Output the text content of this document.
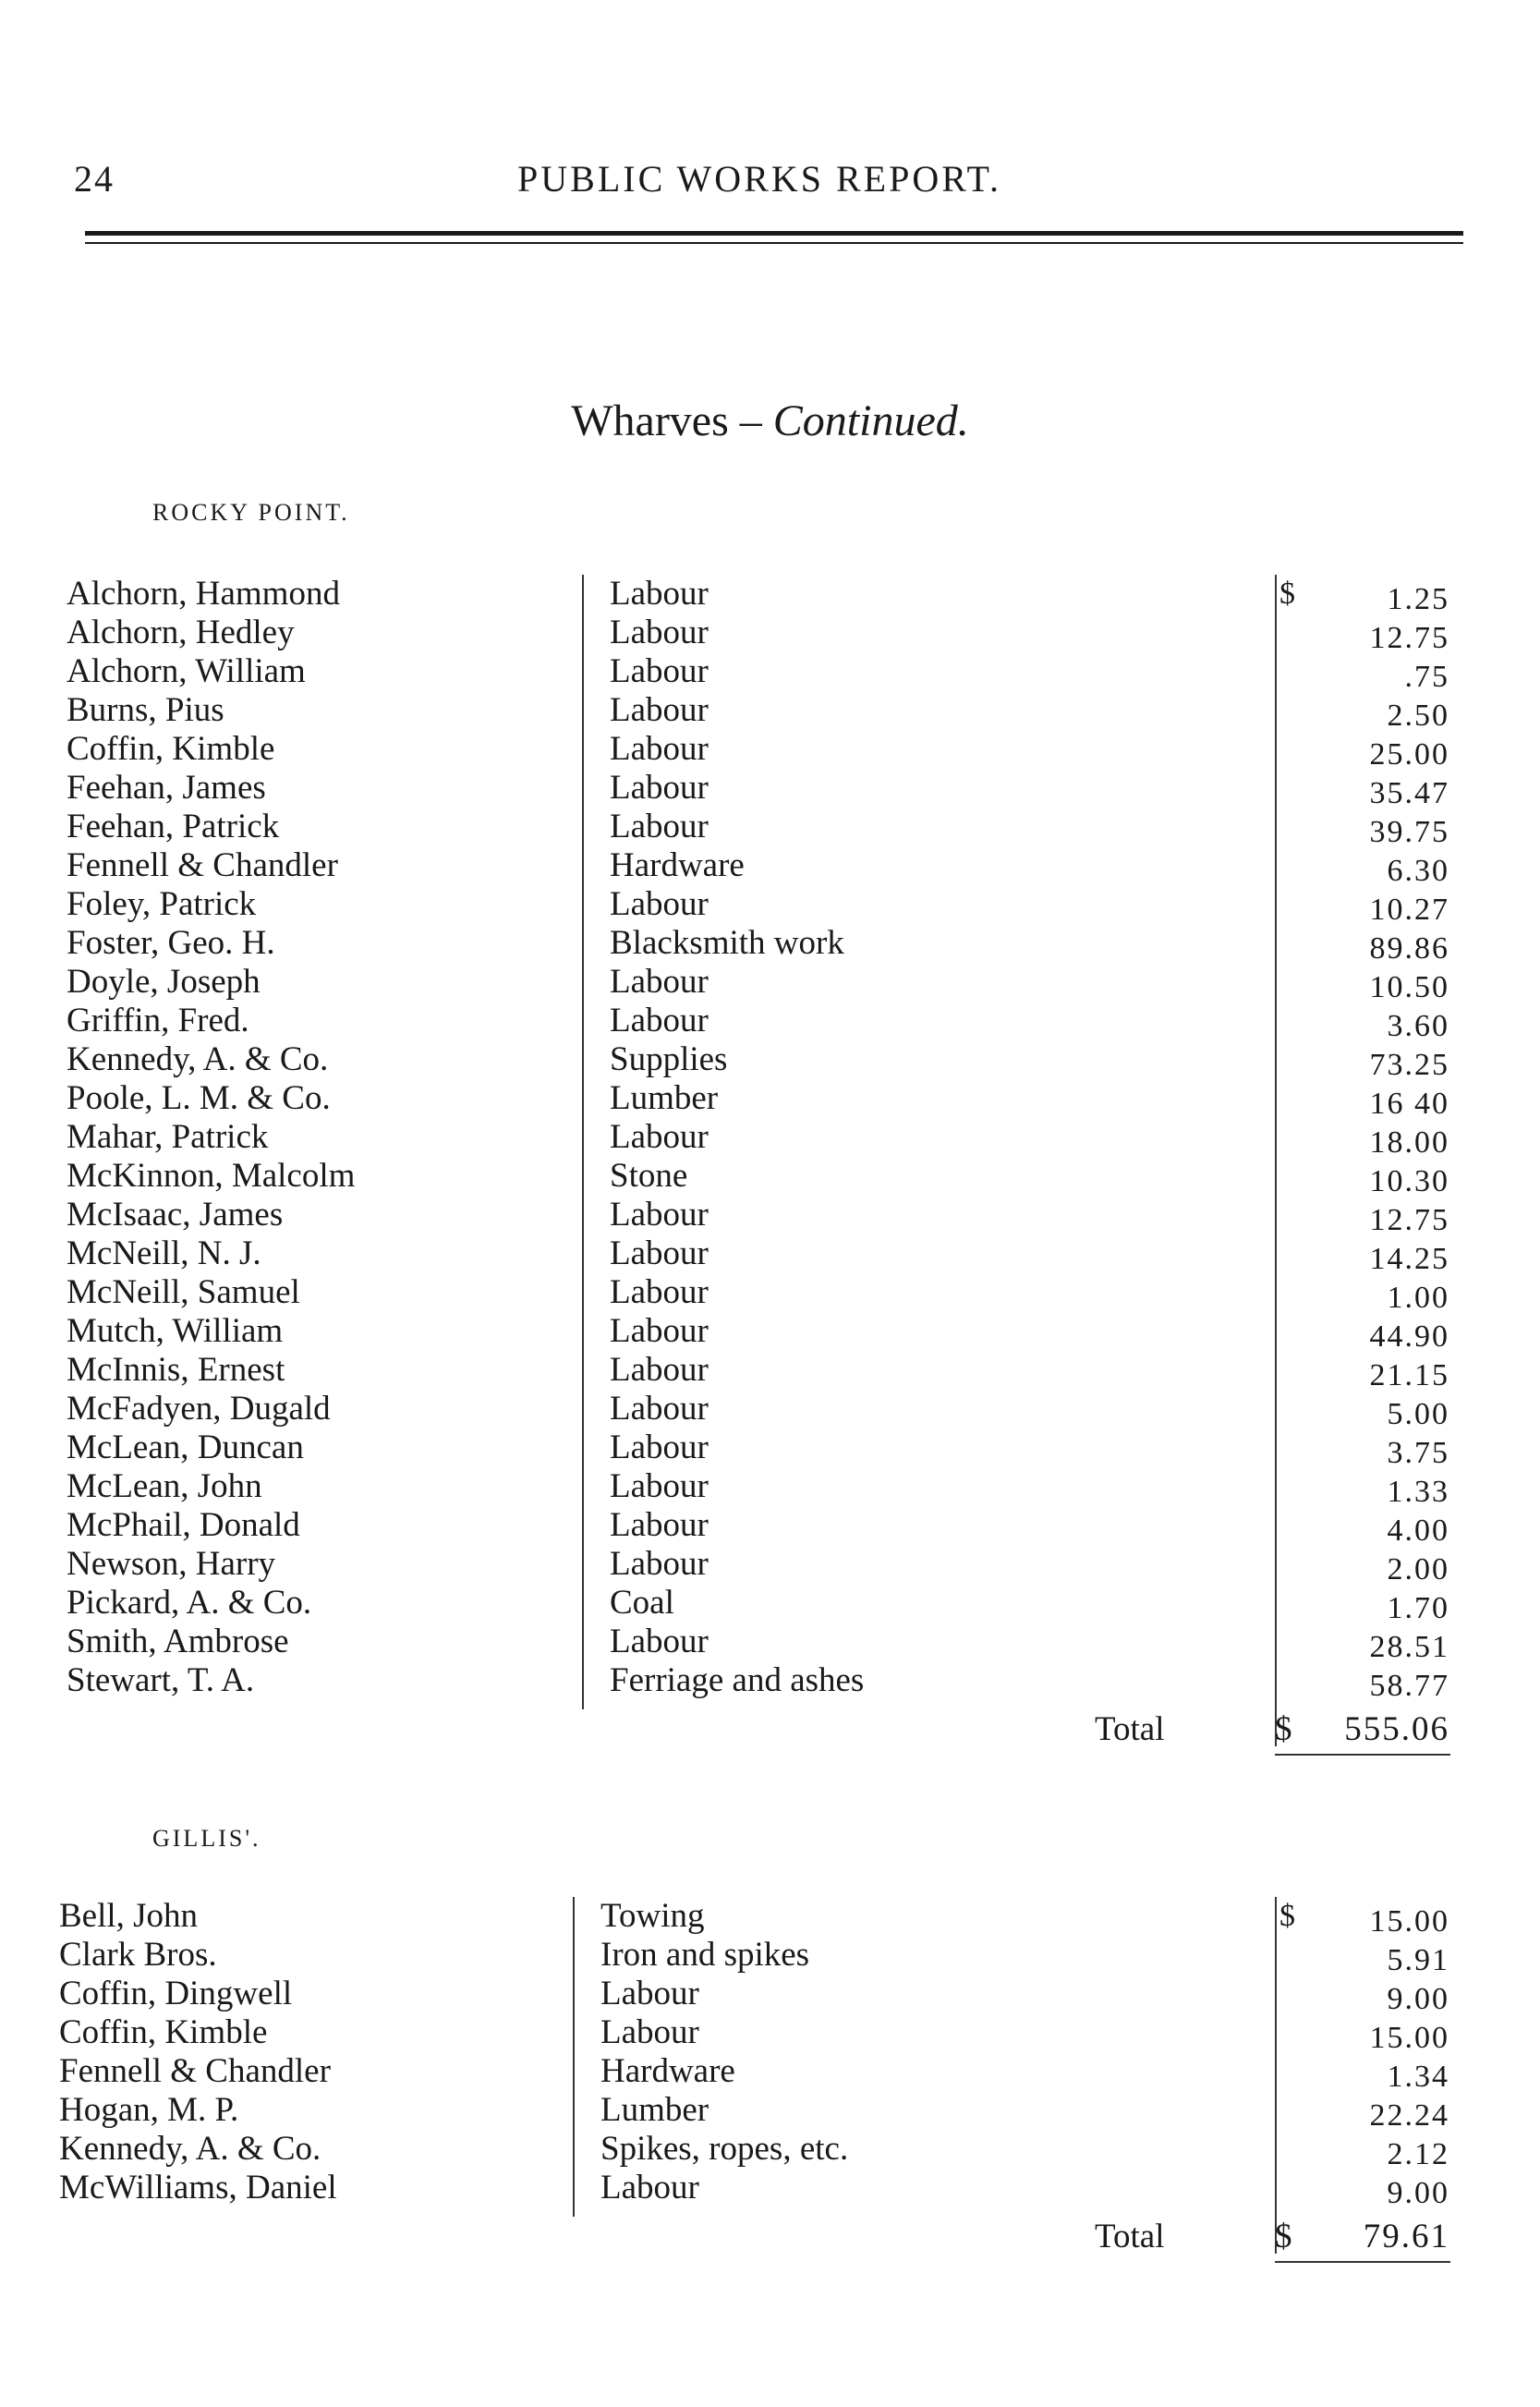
24	PUBLIC WORKS REPORT.
Wharves – Continued.
ROCKY POINT.
Alchorn, Hammond	Labour	1.25
$
Alchorn, Hedley	Labour	12.75
Alchorn, William	Labour	.75
Burns, Pius	Labour	2.50
Coffin, Kimble	Labour	25.00
Feehan, James	Labour	35.47
Feehan, Patrick	Labour	39.75
Fennell & Chandler	Hardware	6.30
Foley, Patrick	Labour	10.27
Foster, Geo. H.	Blacksmith work	89.86
Doyle, Joseph	Labour	10.50
Griffin, Fred.	Labour	3.60
Kennedy, A. & Co.	Supplies	73.25
Poole, L. M. & Co.	Lumber	16 40
Mahar, Patrick	Labour	18.00
McKinnon, Malcolm	Stone	10.30
McIsaac, James	Labour	12.75
McNeill, N. J.	Labour	14.25
McNeill, Samuel	Labour	1.00
Mutch, William	Labour	44.90
McInnis, Ernest	Labour	21.15
McFadyen, Dugald	Labour	5.00
McLean, Duncan	Labour	3.75
McLean, John	Labour	1.33
McPhail, Donald	Labour	4.00
Newson, Harry	Labour	2.00
Pickard, A. & Co.	Coal	1.70
Smith, Ambrose	Labour	28.51
Stewart, T. A.	Ferriage and ashes	58.77
Total	$ 555.06
GILLIS'.
Bell, John	Towing	15.00
$
Clark Bros.	Iron and spikes	5.91
Coffin, Dingwell	Labour	9.00
Coffin, Kimble	Labour	15.00
Fennell & Chandler	Hardware	1.34
Hogan, M. P.	Lumber	22.24
Kennedy, A. & Co.	Spikes, ropes, etc.	2.12
McWilliams, Daniel	Labour	9.00
Total	$ 79.61
